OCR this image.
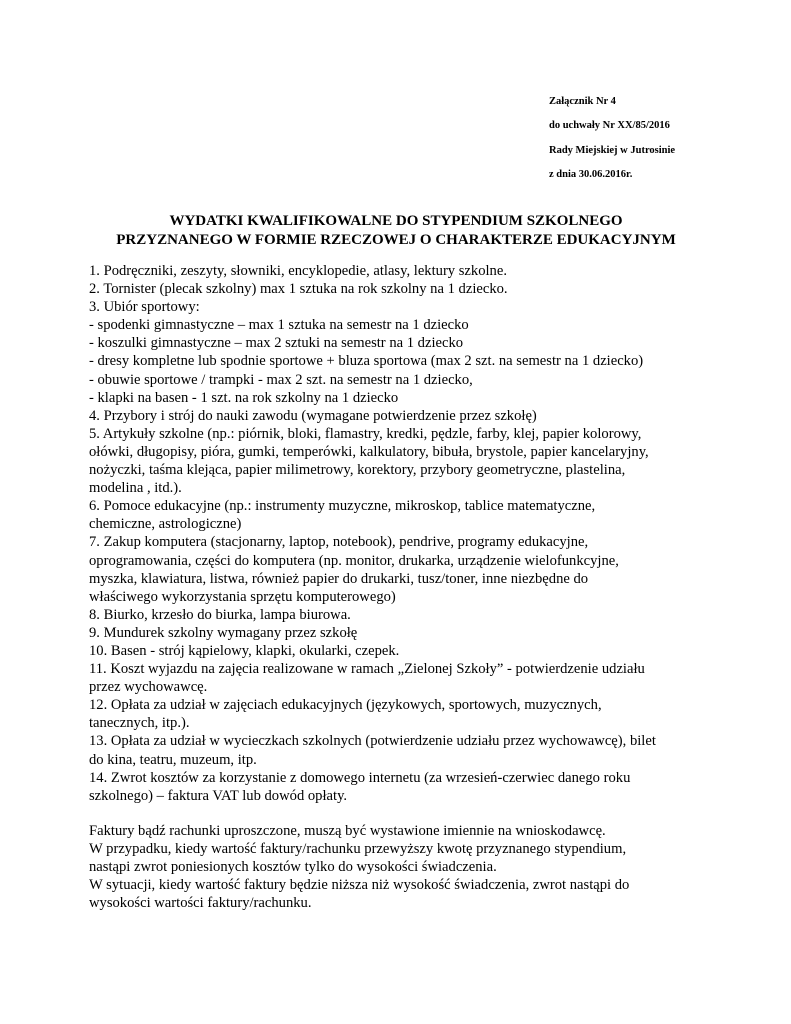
Załącznik Nr 4
do uchwały Nr XX/85/2016
Rady Miejskiej w Jutrosinie
z dnia 30.06.2016r.
WYDATKI KWALIFIKOWALNE DO STYPENDIUM SZKOLNEGO
PRZYZNANEGO W FORMIE RZECZOWEJ O CHARAKTERZE EDUKACYJNYM
1. Podręczniki, zeszyty, słowniki, encyklopedie, atlasy, lektury szkolne.
2. Tornister (plecak szkolny) max 1 sztuka na rok szkolny na 1 dziecko.
3. Ubiór sportowy:
- spodenki gimnastyczne – max 1 sztuka na semestr na 1 dziecko
- koszulki gimnastyczne – max 2 sztuki na semestr na 1 dziecko
- dresy kompletne lub spodnie sportowe + bluza sportowa (max 2 szt. na semestr na 1 dziecko)
- obuwie sportowe / trampki - max 2 szt. na semestr na 1 dziecko,
- klapki na basen - 1 szt. na rok szkolny na 1 dziecko
4. Przybory i strój do nauki zawodu (wymagane potwierdzenie przez szkołę)
5. Artykuły szkolne (np.: piórnik, bloki, flamastry, kredki, pędzle, farby, klej, papier kolorowy,
ołówki, długopisy, pióra, gumki, temperówki, kalkulatory, bibuła, brystole, papier kancelaryjny,
nożyczki, taśma klejąca, papier milimetrowy, korektory, przybory geometryczne, plastelina,
modelina , itd.).
6. Pomoce edukacyjne (np.: instrumenty muzyczne, mikroskop, tablice matematyczne,
chemiczne, astrologiczne)
7. Zakup komputera (stacjonarny, laptop, notebook), pendrive, programy edukacyjne,
oprogramowania, części do komputera (np. monitor, drukarka, urządzenie wielofunkcyjne,
myszka, klawiatura, listwa, również papier do drukarki, tusz/toner, inne niezbędne do
właściwego wykorzystania sprzętu komputerowego)
8. Biurko, krzesło do biurka, lampa biurowa.
9. Mundurek szkolny wymagany przez szkołę
10. Basen - strój kąpielowy, klapki, okularki, czepek.
11. Koszt wyjazdu na zajęcia realizowane w ramach „Zielonej Szkoły” - potwierdzenie udziału
przez wychowawcę.
12. Opłata za udział w zajęciach edukacyjnych (językowych, sportowych, muzycznych,
tanecznych, itp.).
13. Opłata za udział w wycieczkach szkolnych (potwierdzenie udziału przez wychowawcę), bilet
do kina, teatru, muzeum, itp.
14. Zwrot kosztów za korzystanie z domowego internetu (za wrzesień-czerwiec danego roku
szkolnego) – faktura VAT lub dowód opłaty.
Faktury bądź rachunki uproszczone, muszą być wystawione imiennie na wnioskodawcę.
W przypadku, kiedy wartość faktury/rachunku przewyższy kwotę przyznanego stypendium,
nastąpi zwrot poniesionych kosztów tylko do wysokości świadczenia.
W sytuacji, kiedy wartość faktury będzie niższa niż wysokość świadczenia, zwrot nastąpi do
wysokości wartości faktury/rachunku.
